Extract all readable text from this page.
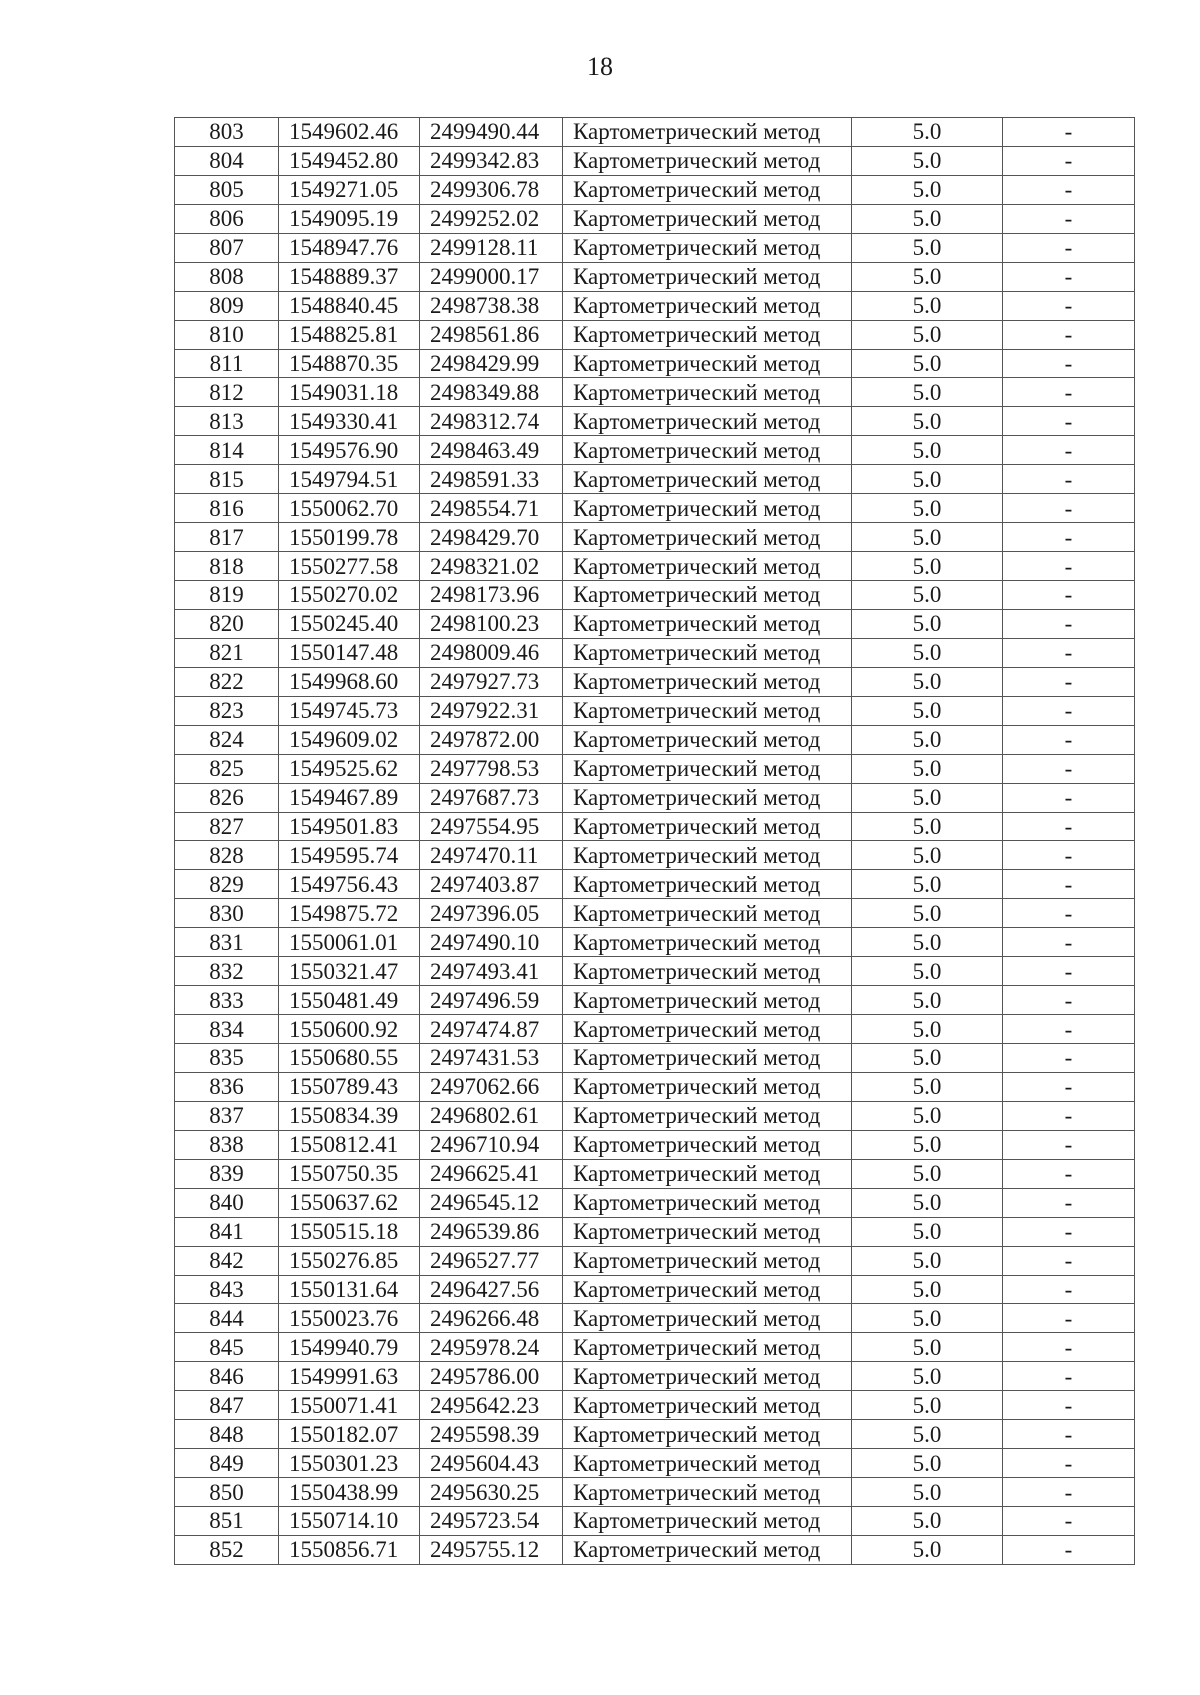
18
803	1549602.46	2499490.44	Картометрический метод	5.0	-
804	1549452.80	2499342.83	Картометрический метод	5.0	-
805	1549271.05	2499306.78	Картометрический метод	5.0	-
806	1549095.19	2499252.02	Картометрический метод	5.0	-
807	1548947.76	2499128.11	Картометрический метод	5.0	-
808	1548889.37	2499000.17	Картометрический метод	5.0	-
809	1548840.45	2498738.38	Картометрический метод	5.0	-
810	1548825.81	2498561.86	Картометрический метод	5.0	-
811	1548870.35	2498429.99	Картометрический метод	5.0	-
812	1549031.18	2498349.88	Картометрический метод	5.0	-
813	1549330.41	2498312.74	Картометрический метод	5.0	-
814	1549576.90	2498463.49	Картометрический метод	5.0	-
815	1549794.51	2498591.33	Картометрический метод	5.0	-
816	1550062.70	2498554.71	Картометрический метод	5.0	-
817	1550199.78	2498429.70	Картометрический метод	5.0	-
818	1550277.58	2498321.02	Картометрический метод	5.0	-
819	1550270.02	2498173.96	Картометрический метод	5.0	-
820	1550245.40	2498100.23	Картометрический метод	5.0	-
821	1550147.48	2498009.46	Картометрический метод	5.0	-
822	1549968.60	2497927.73	Картометрический метод	5.0	-
823	1549745.73	2497922.31	Картометрический метод	5.0	-
824	1549609.02	2497872.00	Картометрический метод	5.0	-
825	1549525.62	2497798.53	Картометрический метод	5.0	-
826	1549467.89	2497687.73	Картометрический метод	5.0	-
827	1549501.83	2497554.95	Картометрический метод	5.0	-
828	1549595.74	2497470.11	Картометрический метод	5.0	-
829	1549756.43	2497403.87	Картометрический метод	5.0	-
830	1549875.72	2497396.05	Картометрический метод	5.0	-
831	1550061.01	2497490.10	Картометрический метод	5.0	-
832	1550321.47	2497493.41	Картометрический метод	5.0	-
833	1550481.49	2497496.59	Картометрический метод	5.0	-
834	1550600.92	2497474.87	Картометрический метод	5.0	-
835	1550680.55	2497431.53	Картометрический метод	5.0	-
836	1550789.43	2497062.66	Картометрический метод	5.0	-
837	1550834.39	2496802.61	Картометрический метод	5.0	-
838	1550812.41	2496710.94	Картометрический метод	5.0	-
839	1550750.35	2496625.41	Картометрический метод	5.0	-
840	1550637.62	2496545.12	Картометрический метод	5.0	-
841	1550515.18	2496539.86	Картометрический метод	5.0	-
842	1550276.85	2496527.77	Картометрический метод	5.0	-
843	1550131.64	2496427.56	Картометрический метод	5.0	-
844	1550023.76	2496266.48	Картометрический метод	5.0	-
845	1549940.79	2495978.24	Картометрический метод	5.0	-
846	1549991.63	2495786.00	Картометрический метод	5.0	-
847	1550071.41	2495642.23	Картометрический метод	5.0	-
848	1550182.07	2495598.39	Картометрический метод	5.0	-
849	1550301.23	2495604.43	Картометрический метод	5.0	-
850	1550438.99	2495630.25	Картометрический метод	5.0	-
851	1550714.10	2495723.54	Картометрический метод	5.0	-
852	1550856.71	2495755.12	Картометрический метод	5.0	-
